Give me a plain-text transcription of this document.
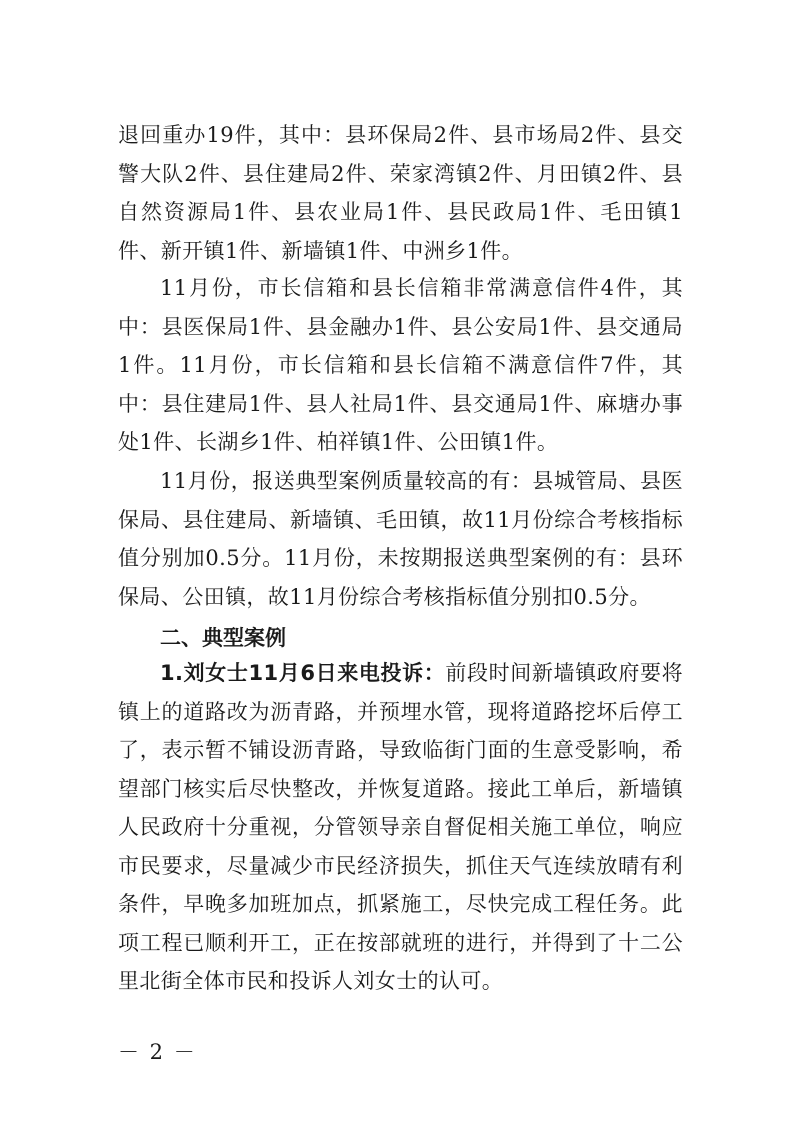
退回重办19件，其中：县环保局2件、县市场局2件、县交警大队2件、县住建局2件、荣家湾镇2件、月田镇2件、县自然资源局1件、县农业局1件、县民政局1件、毛田镇1件、新开镇1件、新墙镇1件、中洲乡1件。

11月份，市长信箱和县长信箱非常满意信件4件，其中：县医保局1件、县金融办1件、县公安局1件、县交通局1件。11月份，市长信箱和县长信箱不满意信件7件，其中：县住建局1件、县人社局1件、县交通局1件、麻塘办事处1件、长湖乡1件、柏祥镇1件、公田镇1件。

11月份，报送典型案例质量较高的有：县城管局、县医保局、县住建局、新墙镇、毛田镇，故11月份综合考核指标值分别加0.5分。11月份，未按期报送典型案例的有：县环保局、公田镇，故11月份综合考核指标值分别扣0.5分。

二、典型案例

1.刘女士11月6日来电投诉：前段时间新墙镇政府要将镇上的道路改为沥青路，并预埋水管，现将道路挖坏后停工了，表示暂不铺设沥青路，导致临街门面的生意受影响，希望部门核实后尽快整改，并恢复道路。接此工单后，新墙镇人民政府十分重视，分管领导亲自督促相关施工单位，响应市民要求，尽量减少市民经济损失，抓住天气连续放晴有利条件，早晚多加班加点，抓紧施工，尽快完成工程任务。此项工程已顺利开工，正在按部就班的进行，并得到了十二公里北街全体市民和投诉人刘女士的认可。

－ 2 －
